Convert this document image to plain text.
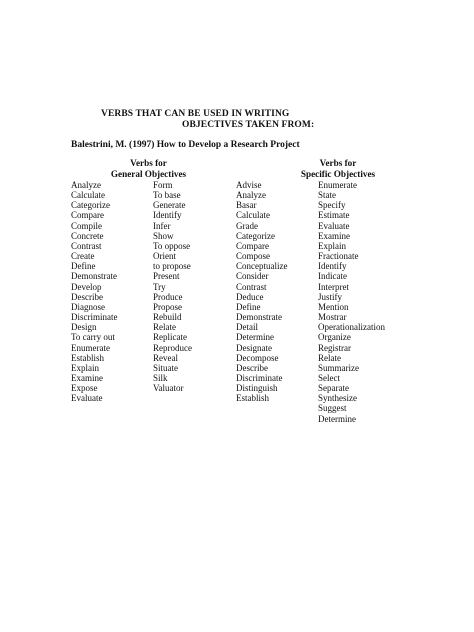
VERBS THAT CAN BE USED IN WRITING
OBJECTIVES TAKEN FROM:
Balestrini, M. (1997) How to Develop a Research Project
Verbs for
General Objectives
Verbs for
Specific Objectives
Analyze
Calculate
Categorize
Compare
Compile
Concrete
Contrast
Create
Define
Demonstrate
Develop
Describe
Diagnose
Discriminate
Design
To carry out
Enumerate
Establish
Explain
Examine
Expose
Evaluate
Form
To base
Generate
Identify
Infer
Show
To oppose
Orient
to propose
Present
Try
Produce
Propose
Rebuild
Relate
Replicate
Reproduce
Reveal
Situate
Silk
Valuator
Advise
Analyze
Basar
Calculate
Grade
Categorize
Compare
Compose
Conceptualize
Consider
Contrast
Deduce
Define
Demonstrate
Detail
Determine
Designate
Decompose
Describe
Discriminate
Distinguish
Establish
Enumerate
State
Specify
Estimate
Evaluate
Examine
Explain
Fractionate
Identify
Indicate
Interpret
Justify
Mention
Mostrar
Operationalization
Organize
Registrar
Relate
Summarize
Select
Separate
Synthesize
Suggest
Determine
